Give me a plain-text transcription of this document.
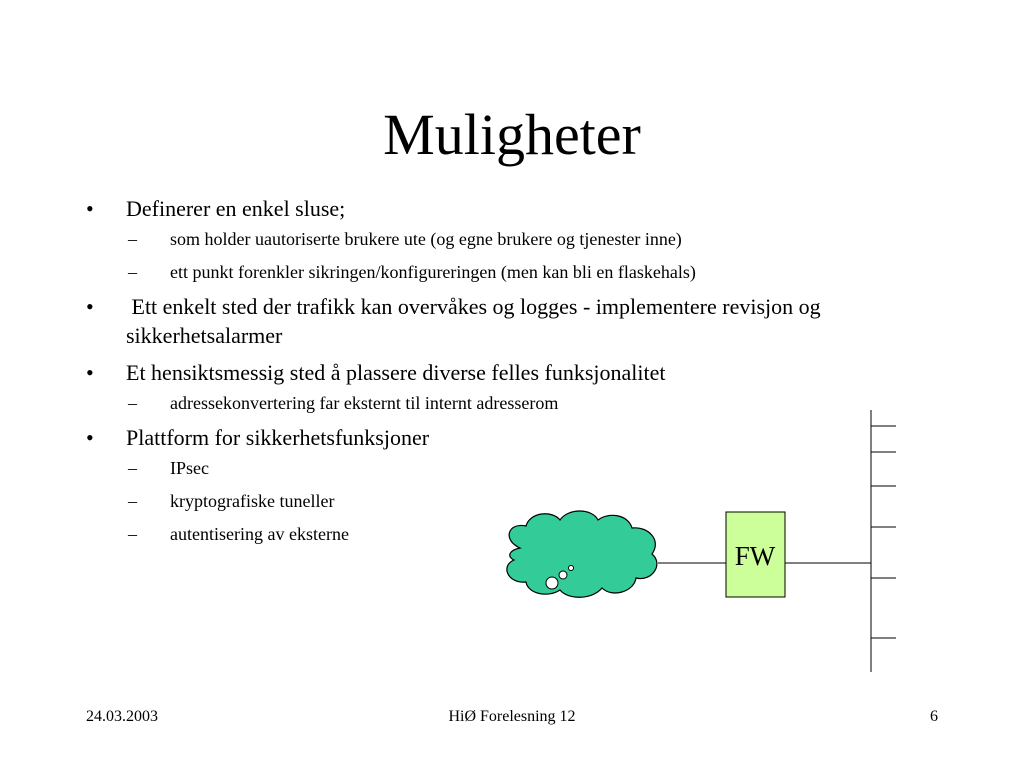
Muligheter
• Definerer en enkel sluse;
– som holder uautoriserte brukere ute (og egne brukere og tjenester inne)
– ett punkt forenkler sikringen/konfigureringen (men kan bli en flaskehals)
• Ett enkelt sted der trafikk kan overvåkes og logges - implementere revisjon og sikkerhetsalarmer
• Et hensiktsmessig sted å plassere diverse felles funksjonalitet
– adressekonvertering far eksternt til internt adresserom
• Plattform for sikkerhetsfunksjoner
– IPsec
– kryptografiske tuneller
– autentisering av eksterne
FW
24.03.2003	HiØ Forelesning 12	6
